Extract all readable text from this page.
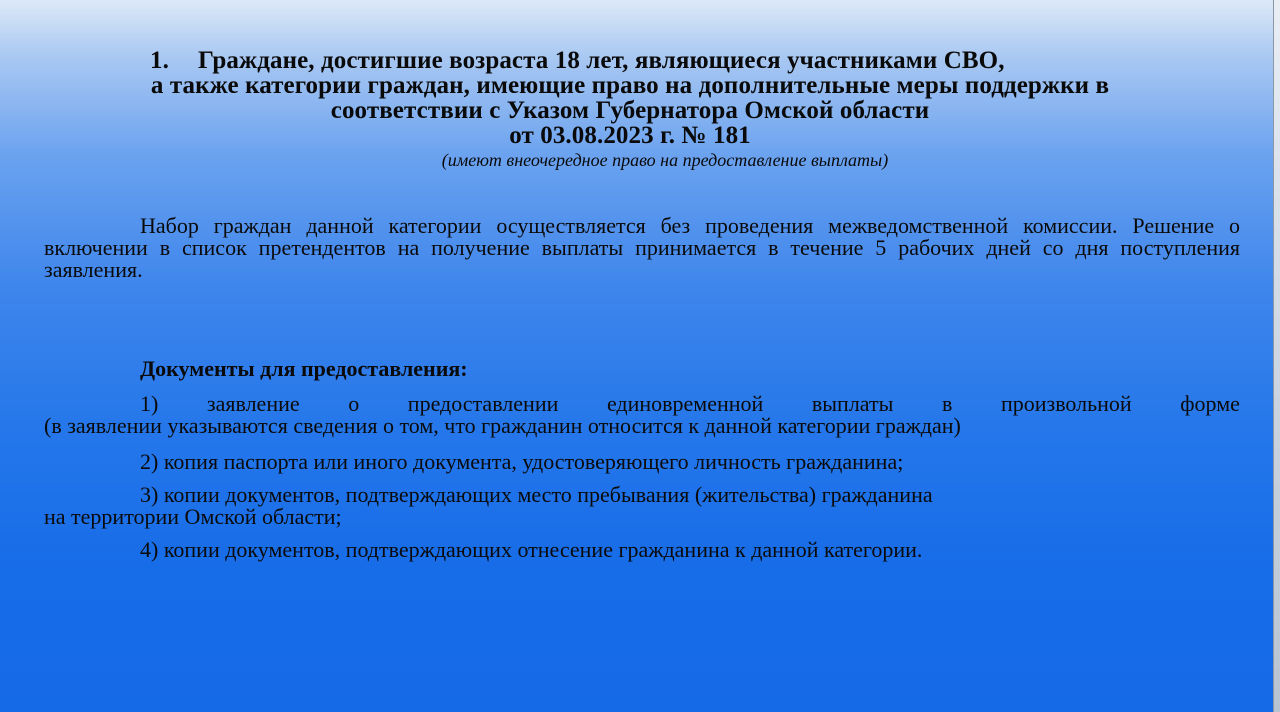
1. Граждане, достигшие возраста 18 лет, являющиеся участниками СВО,
а также категории граждан, имеющие право на дополнительные меры поддержки в
соответствии с Указом Губернатора Омской области
от 03.08.2023 г. № 181
(имеют внеочередное право на предоставление выплаты)
Набор граждан данной категории осуществляется без проведения межведомственной комиссии. Решение о включении в список претендентов на получение выплаты принимается в течение 5 рабочих дней со дня поступления заявления.
Документы для предоставления:
1) заявление о предоставлении единовременной выплаты в произвольной форме
(в заявлении указываются сведения о том, что гражданин относится к данной категории граждан)
2) копия паспорта или иного документа, удостоверяющего личность гражданина;
3) копии документов, подтверждающих место пребывания (жительства) гражданина
на территории Омской области;
4) копии документов, подтверждающих отнесение гражданина к данной категории.
